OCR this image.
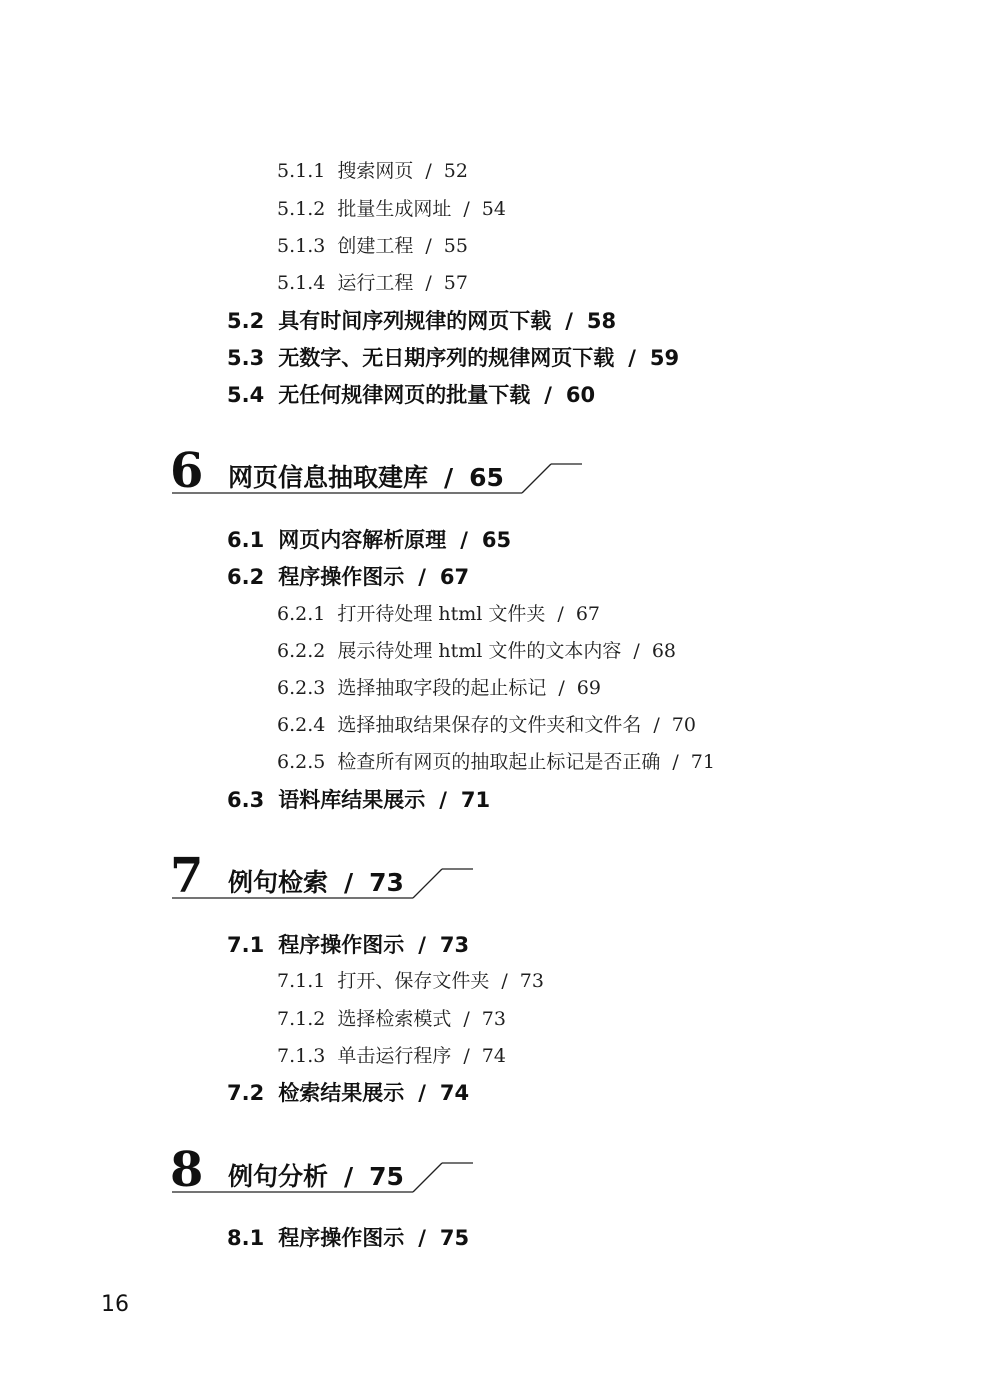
5.1.1 搜索网页 / 52
5.1.2 批量生成网址 / 54
5.1.3 创建工程 / 55
5.1.4 运行工程 / 57
5.2 具有时间序列规律的网页下载 / 58
5.3 无数字、无日期序列的规律网页下载 / 59
5.4 无任何规律网页的批量下载 / 60
6 网页信息抽取建库 / 65
6.1 网页内容解析原理 / 65
6.2 程序操作图示 / 67
6.2.1 打开待处理 html 文件夹 / 67
6.2.2 展示待处理 html 文件的文本内容 / 68
6.2.3 选择抽取字段的起止标记 / 69
6.2.4 选择抽取结果保存的文件夹和文件名 / 70
6.2.5 检查所有网页的抽取起止标记是否正确 / 71
6.3 语料库结果展示 / 71
7 例句检索 / 73
7.1 程序操作图示 / 73
7.1.1 打开、保存文件夹 / 73
7.1.2 选择检索模式 / 73
7.1.3 单击运行程序 / 74
7.2 检索结果展示 / 74
8 例句分析 / 75
8.1 程序操作图示 / 75
16
